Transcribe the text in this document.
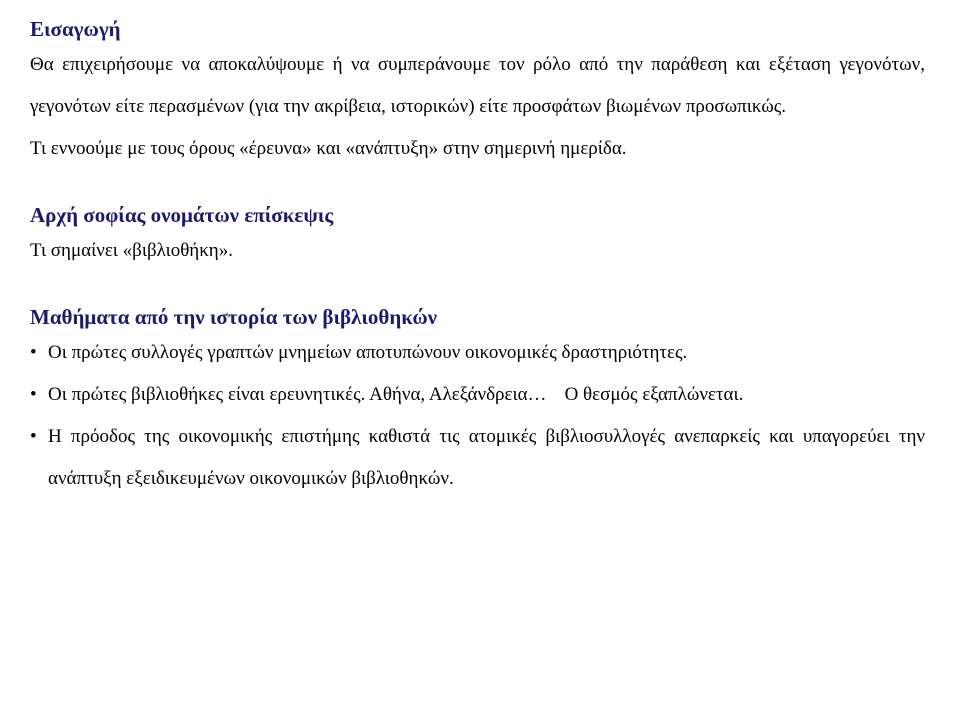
Εισαγωγή

Θα επιχειρήσουμε να αποκαλύψουμε ή να συμπεράνουμε τον ρόλο από την παράθεση και εξέταση γεγονότων, γεγονότων είτε περασμένων (για την ακρίβεια, ιστορικών) είτε προσφάτων βιωμένων προσωπικώς.

Τι εννοούμε με τους όρους «έρευνα» και «ανάπτυξη» στην σημερινή ημερίδα.

Αρχή σοφίας ονομάτων επίσκεψις

Τι σημαίνει «βιβλιοθήκη».

Μαθήματα από την ιστορία των βιβλιοθηκών
• Οι πρώτες συλλογές γραπτών μνημείων αποτυπώνουν οικονομικές δραστηριότητες.
• Οι πρώτες βιβλιοθήκες είναι ερευνητικές. Αθήνα, Αλεξάνδρεια… Ο θεσμός εξαπλώνεται.
• Η πρόοδος της οικονομικής επιστήμης καθιστά τις ατομικές βιβλιοσυλλογές ανεπαρκείς και υπαγορεύει την ανάπτυξη εξειδικευμένων οικονομικών βιβλιοθηκών.
